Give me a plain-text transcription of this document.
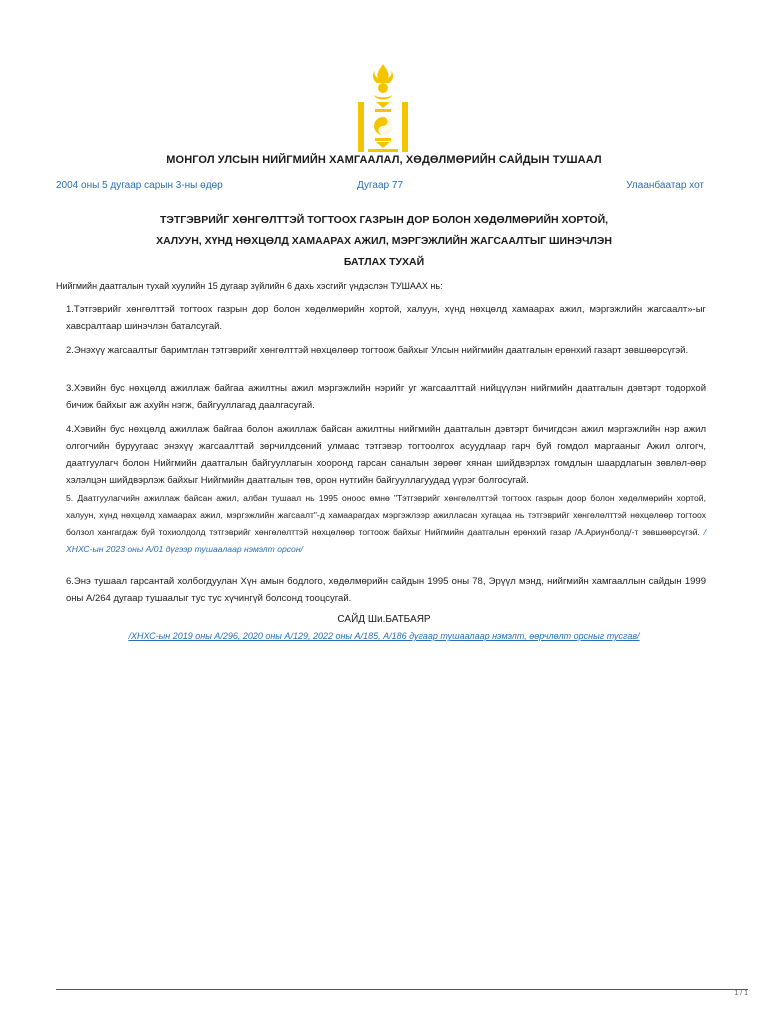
МОНГОЛ УЛСЫН НИЙГМИЙН ХАМГААЛАЛ, ХӨДӨЛМӨРИЙН САЙДЫН ТУШААЛ
2004 оны 5 дугаар сарын 3-ны өдөр	Дугаар 77	Улаанбаатар хот
ТЭТГЭВРИЙГ ХӨНГӨЛТТЭЙ ТОГТООХ ГАЗРЫН ДОР БОЛОН ХӨДӨЛМӨРИЙН ХОРТОЙ,
ХАЛУУН, ХҮНД НӨХЦӨЛД ХАМААРАХ АЖИЛ, МЭРГЭЖЛИЙН ЖАГСААЛТЫГ ШИНЭЧЛЭН
БАТЛАХ ТУХАЙ
Нийгмийн даатгалын тухай хуулийн 15 дугаар зүйлийн 6 дахь хэсгийг үндэслэн ТУШААХ нь:
1.Тэтгэврийг хөнгөлттэй тогтоох газрын дор болон хөдөлмөрийн хортой, халуун, хүнд нөхцөлд хамаарах ажил, мэргэжлийн жагсаалт»-ыг хавсралтаар шинэчлэн баталсугай.
2.Энэхүү жагсаалтыг баримтлан тэтгэврийг хөнгөлттэй нөхцөлөөр тогтоож байхыг Улсын нийгмийн даатгалын ерөнхий газарт зөвшөөрсүгэй.
3.Хэвийн бус нөхцөлд ажиллаж байгаа ажилтны ажил мэргэжлийн нэрийг уг жагсаалттай нийцүүлэн нийгмийн даатгалын дэвтэрт тодорхой бичиж байхыг аж ахуйн нэгж, байгууллагад даалгасугай.
4.Хэвийн бус нөхцөлд ажиллаж байгаа болон ажиллаж байсан ажилтны нийгмийн даатгалын дэвтэрт бичигдсэн ажил мэргэжлийн нэр ажил олгогчийн буруугаас энэхүү жагсаалттай зөрчилдсөний улмаас тэтгэвэр тогтоолгох асуудлаар гарч буй гомдол маргааныг Ажил олгогч, даатгуулагч болон Нийгмийн даатгалын байгууллагын хооронд гарсан саналын зөрөөг хянан шийдвэрлэх гомдлын шаардлагын зөвлөл-өөр хэлэлцэн шийдвэрлэж байхыг Нийгмийн даатгалын төв, орон нутгийн байгууллагуудад үүрэг болгосугай.
5. Даатгуулагчийн ажиллаж байсан ажил, албан тушаал нь 1995 оноос өмнө "Тэтгэврийг хөнгөлөлттэй тогтоох газрын доор болон хөдөлмөрийн хортой, халуун, хүнд нөхцөлд хамаарах ажил, мэргэжлийн жагсаалт"-д хамаарагдах мэргэжлээр ажилласан хугацаа нь тэтгэврийг хөнгөлөлттэй нөхцөлөөр тогтоох болзол хангагдаж буй тохиолдолд тэтгэврийг хөнгөлөлттэй нөхцөлөөр тогтоож байхыг Нийгмийн даатгалын ерөнхий газар /А.Ариунболд/-т зөвшөөрсүгэй. /ХНХС-ын 2023 оны А/01 дүгээр тушаалаар нэмэлт орсон/
6.Энэ тушаал гарсантай холбогдуулан Хүн амын бодлого, хөдөлмөрийн сайдын 1995 оны 78, Эрүүл мэнд, нийгмийн хамгааллын сайдын 1999 оны А/264 дугаар тушаалыг тус тус хүчингүй болсонд тооцсугай.
САЙД Ши.БАТБАЯР
/ХНХС-ын 2019 оны А/296, 2020 оны А/129, 2022 оны А/185, А/186 дугаар тушаалаар нэмэлт, өөрчлөлт орсныг тусгав/
1 / 1
